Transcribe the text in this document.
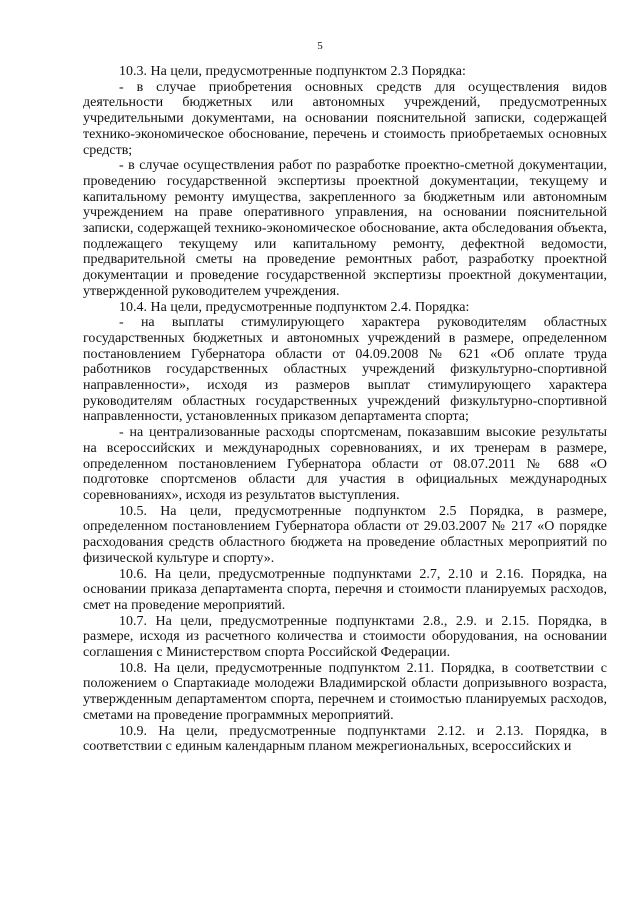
5

10.3. На цели, предусмотренные подпунктом 2.3 Порядка:

- в случае приобретения основных средств для осуществления видов деятельности бюджетных или автономных учреждений, предусмотренных учредительными документами, на основании пояснительной записки, содержащей технико-экономическое обоснование, перечень и стоимость приобретаемых основных средств;

- в случае осуществления работ по разработке проектно-сметной документации, проведению государственной экспертизы проектной документации, текущему и капитальному ремонту имущества, закрепленного за бюджетным или автономным учреждением на праве оперативного управления, на основании пояснительной записки, содержащей технико-экономическое обоснование, акта обследования объекта, подлежащего текущему или капитальному ремонту, дефектной ведомости, предварительной сметы на проведение ремонтных работ, разработку проектной документации и проведение государственной экспертизы проектной документации, утвержденной руководителем учреждения.

10.4. На цели, предусмотренные подпунктом 2.4. Порядка:

- на выплаты стимулирующего характера руководителям областных государственных бюджетных и автономных учреждений в размере, определенном постановлением Губернатора области от 04.09.2008 № 621 «Об оплате труда работников государственных областных учреждений физкультурно-спортивной направленности», исходя из размеров выплат стимулирующего характера руководителям областных государственных учреждений физкультурно-спортивной направленности, установленных приказом департамента спорта;

- на централизованные расходы спортсменам, показавшим высокие результаты на всероссийских и международных соревнованиях, и их тренерам в размере, определенном постановлением Губернатора области от 08.07.2011 № 688 «О подготовке спортсменов области для участия в официальных международных соревнованиях», исходя из результатов выступления.

10.5. На цели, предусмотренные подпунктом 2.5 Порядка, в размере, определенном постановлением Губернатора области от 29.03.2007 № 217 «О порядке расходования средств областного бюджета на проведение областных мероприятий по физической культуре и спорту».

10.6. На цели, предусмотренные подпунктами 2.7, 2.10 и 2.16. Порядка, на основании приказа департамента спорта, перечня и стоимости планируемых расходов, смет на проведение мероприятий.

10.7. На цели, предусмотренные подпунктами 2.8., 2.9. и 2.15. Порядка, в размере, исходя из расчетного количества и стоимости оборудования, на основании соглашения с Министерством спорта Российской Федерации.

10.8. На цели, предусмотренные подпунктом 2.11. Порядка, в соответствии с положением о Спартакиаде молодежи Владимирской области допризывного возраста, утвержденным департаментом спорта, перечнем и стоимостью планируемых расходов, сметами на проведение программных мероприятий.

10.9. На цели, предусмотренные подпунктами 2.12. и 2.13. Порядка, в соответствии с единым календарным планом межрегиональных, всероссийских и
